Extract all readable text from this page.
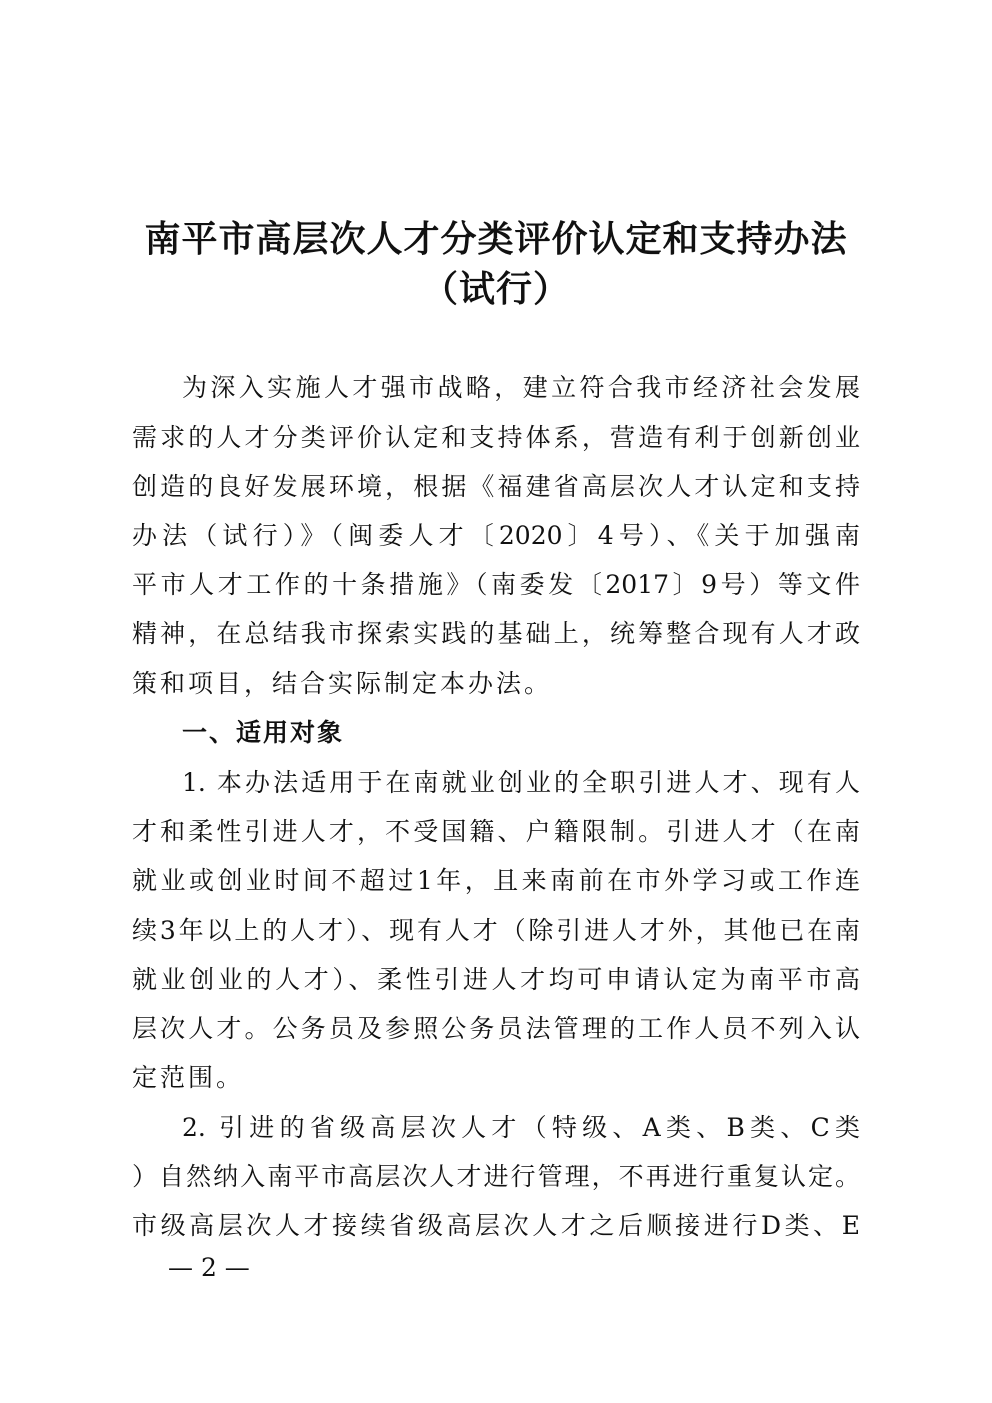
南平市高层次人才分类评价认定和支持办法
（试行）
为深入实施人才强市战略，建立符合我市经济社会发展
需求的人才分类评价认定和支持体系，营造有利于创新创业
创造的良好发展环境，根据《福建省高层次人才认定和支持
办法（试行）》（闽委人才〔2020〕4号）、《关于加强南
平市人才工作的十条措施》（南委发〔2017〕9号）等文件
精神，在总结我市探索实践的基础上，统筹整合现有人才政
策和项目，结合实际制定本办法。
一、适用对象
1. 本办法适用于在南就业创业的全职引进人才、现有人
才和柔性引进人才，不受国籍、户籍限制。引进人才（在南
就业或创业时间不超过1年，且来南前在市外学习或工作连
续3年以上的人才）、现有人才（除引进人才外，其他已在南
就业创业的人才）、柔性引进人才均可申请认定为南平市高
层次人才。公务员及参照公务员法管理的工作人员不列入认
定范围。
2. 引进的省级高层次人才（特级、A类、B类、C类
）自然纳入南平市高层次人才进行管理，不再进行重复认定。
市级高层次人才接续省级高层次人才之后顺接进行D类、E
— 2 —
